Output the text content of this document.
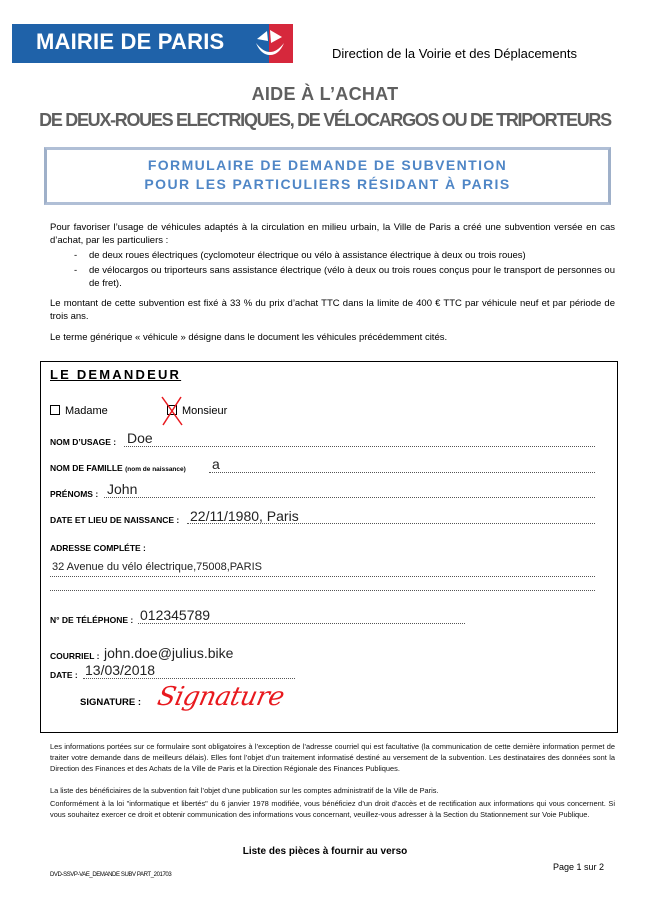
MAIRIE DE PARIS	Direction de la Voirie et des Déplacements
AIDE À L’ACHAT
DE DEUX-ROUES ELECTRIQUES, DE VÉLOCARGOS OU DE TRIPORTEURS
FORMULAIRE DE DEMANDE DE SUBVENTION
POUR LES PARTICULIERS RÉSIDANT À PARIS
Pour favoriser l’usage de véhicules adaptés à la circulation en milieu urbain, la Ville de Paris a créé une subvention versée en cas d’achat, par les particuliers :
- de deux roues électriques (cyclomoteur électrique ou vélo à assistance électrique à deux ou trois roues)
- de vélocargos ou triporteurs sans assistance électrique (vélo à deux ou trois roues conçus pour le transport de personnes ou de fret).
Le montant de cette subvention est fixé à 33 % du prix d’achat TTC dans la limite de 400 € TTC par véhicule neuf et par période de trois ans.
Le terme générique « véhicule » désigne dans le document les véhicules précédemment cités.
LE DEMANDEUR
Madame	Monsieur
NOM D’USAGE : Doe
NOM DE FAMILLE (nom de naissance) a
PRÉNOMS : John
DATE ET LIEU DE NAISSANCE : 22/11/1980, Paris
ADRESSE COMPLÉTE :
32 Avenue du vélo électrique,75008,PARIS
N° DE TÉLÉPHONE : 012345789
COURRIEL : john.doe@julius.bike
DATE : 13/03/2018
SIGNATURE : Signature
Les informations portées sur ce formulaire sont obligatoires à l’exception de l’adresse courriel qui est facultative (la communication de cette dernière information permet de traiter votre demande dans de meilleurs délais). Elles font l’objet d’un traitement informatisé destiné au versement de la subvention. Les destinataires des données sont la Direction des Finances et des Achats de la Ville de Paris et la Direction Régionale des Finances Publiques.
La liste des bénéficiaires de la subvention fait l’objet d’une publication sur les comptes administratif de la Ville de Paris.
Conformément à la loi "informatique et libertés" du 6 janvier 1978 modifiée, vous bénéficiez d’un droit d’accès et de rectification aux informations qui vous concernent. Si vous souhaitez exercer ce droit et obtenir communication des informations vous concernant, veuillez-vous adresser à la Section du Stationnement sur Voie Publique.
Liste des pièces à fournir au verso
Page 1 sur 2
DVD-SSVP-VAE_DEMANDE SUBV PART_201703
